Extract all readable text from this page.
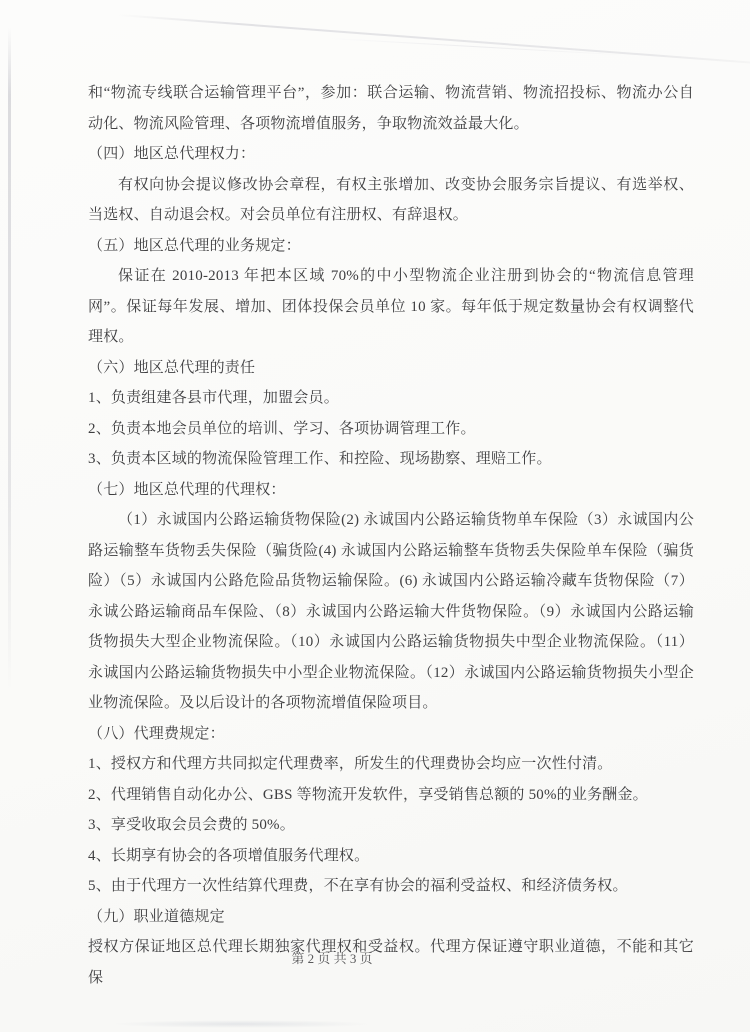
和“物流专线联合运输管理平台”，参加：联合运输、物流营销、物流招投标、物流办公自动化、物流风险管理、各项物流增值服务，争取物流效益最大化。

（四）地区总代理权力：

有权向协会提议修改协会章程，有权主张增加、改变协会服务宗旨提议、有选举权、当选权、自动退会权。对会员单位有注册权、有辞退权。

（五）地区总代理的业务规定：

保证在 2010-2013 年把本区域 70%的中小型物流企业注册到协会的“物流信息管理网”。保证每年发展、增加、团体投保会员单位 10 家。每年低于规定数量协会有权调整代理权。

（六）地区总代理的责任

1、负责组建各县市代理，加盟会员。

2、负责本地会员单位的培训、学习、各项协调管理工作。

3、负责本区域的物流保险管理工作、和控险、现场勘察、理赔工作。

（七）地区总代理的代理权：

（1）永诚国内公路运输货物保险(2) 永诚国内公路运输货物单车保险（3）永诚国内公路运输整车货物丢失保险（骗货险(4) 永诚国内公路运输整车货物丢失保险单车保险（骗货险）（5）永诚国内公路危险品货物运输保险。(6) 永诚国内公路运输冷藏车货物保险（7）永诚公路运输商品车保险、（8）永诚国内公路运输大件货物保险。（9）永诚国内公路运输货物损失大型企业物流保险。（10）永诚国内公路运输货物损失中型企业物流保险。（11）永诚国内公路运输货物损失中小型企业物流保险。（12）永诚国内公路运输货物损失小型企业物流保险。及以后设计的各项物流增值保险项目。

（八）代理费规定：

1、授权方和代理方共同拟定代理费率，所发生的代理费协会均应一次性付清。

2、代理销售自动化办公、GBS 等物流开发软件，享受销售总额的 50%的业务酬金。

3、享受收取会员会费的 50%。

4、长期享有协会的各项增值服务代理权。

5、由于代理方一次性结算代理费，不在享有协会的福利受益权、和经济债务权。

（九）职业道德规定

授权方保证地区总代理长期独家代理权和受益权。代理方保证遵守职业道德，不能和其它保

第 2 页 共 3 页
